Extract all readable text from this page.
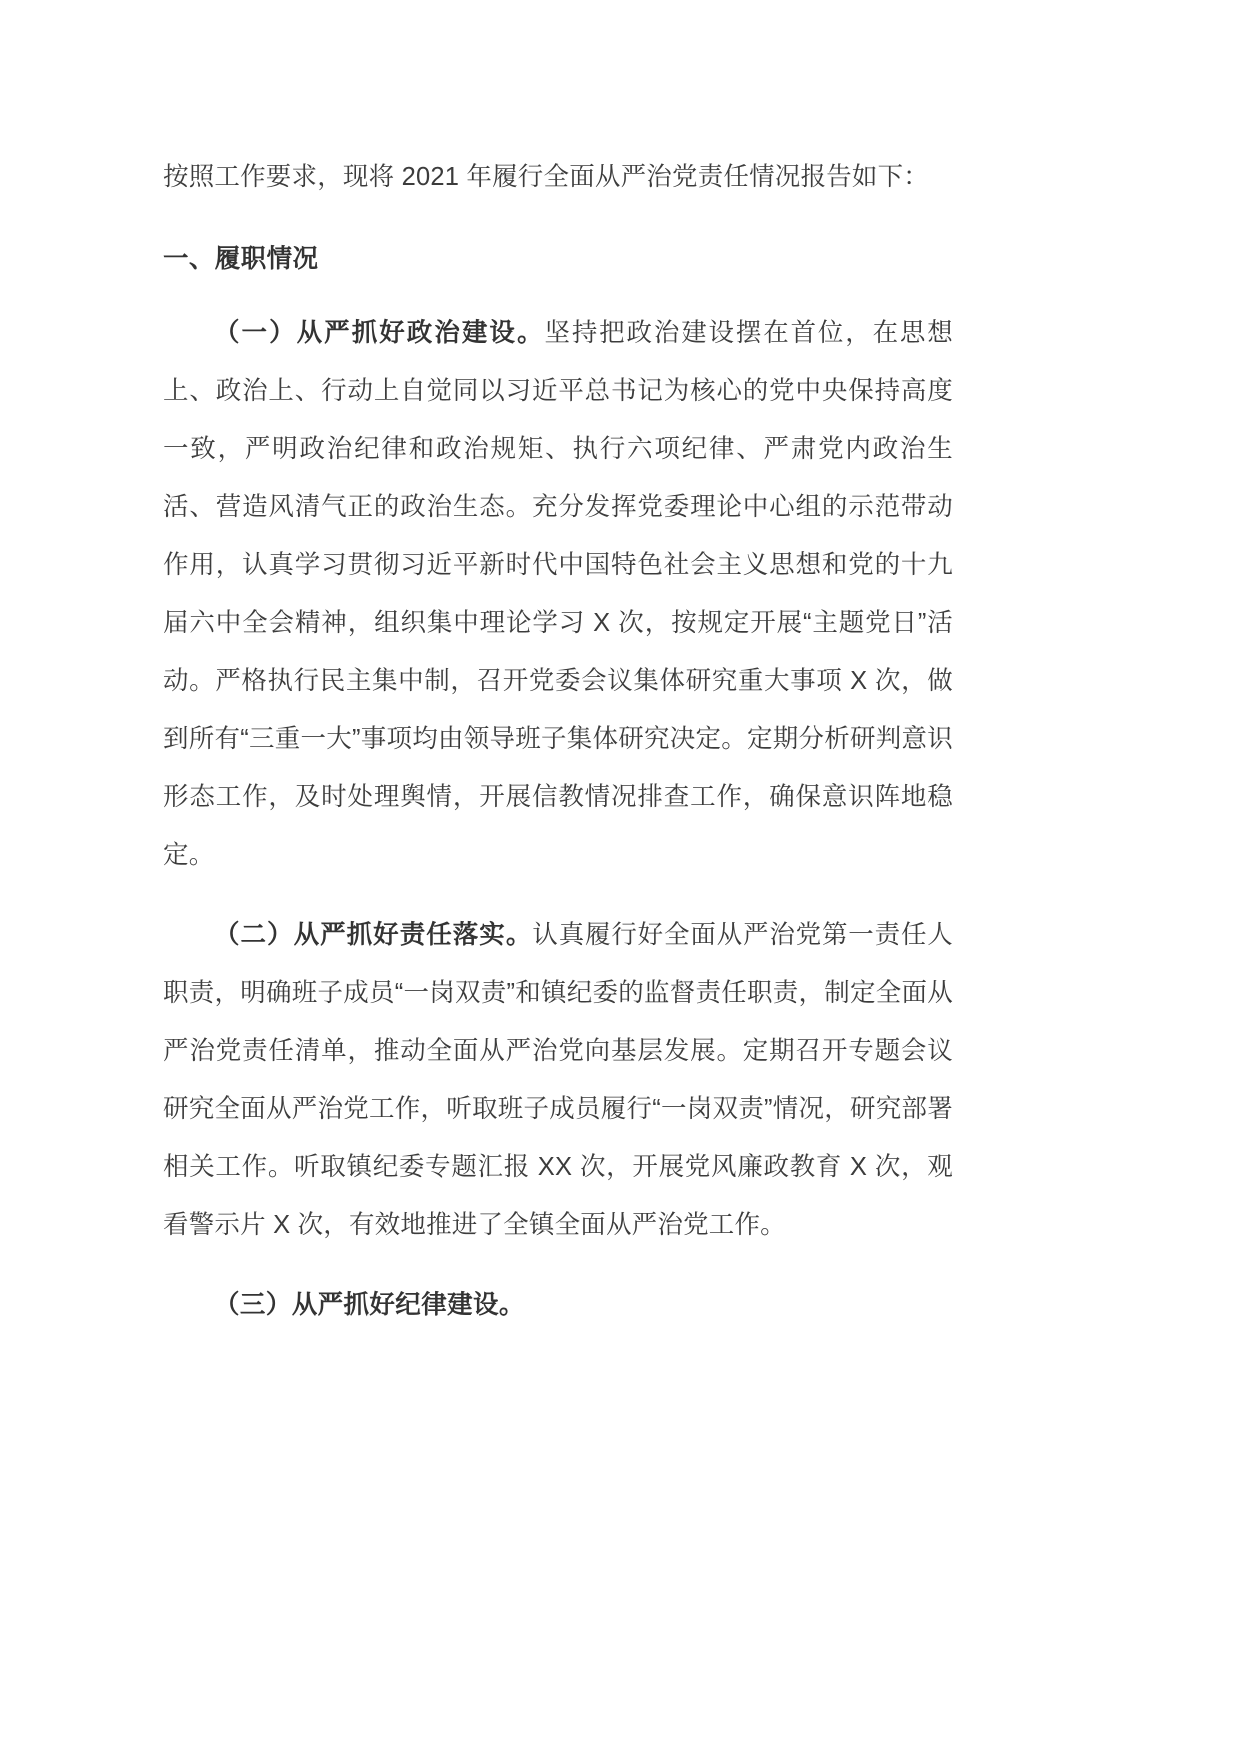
按照工作要求，现将 2021 年履行全面从严治党责任情况报告如下：

一、履职情况

（一）从严抓好政治建设。坚持把政治建设摆在首位，在思想上、政治上、行动上自觉同以习近平总书记为核心的党中央保持高度一致，严明政治纪律和政治规矩、执行六项纪律、严肃党内政治生活、营造风清气正的政治生态。充分发挥党委理论中心组的示范带动作用，认真学习贯彻习近平新时代中国特色社会主义思想和党的十九届六中全会精神，组织集中理论学习 X 次，按规定开展“主题党日”活动。严格执行民主集中制，召开党委会议集体研究重大事项 X 次，做到所有“三重一大”事项均由领导班子集体研究决定。定期分析研判意识形态工作，及时处理舆情，开展信教情况排查工作，确保意识阵地稳定。

（二）从严抓好责任落实。认真履行好全面从严治党第一责任人职责，明确班子成员“一岗双责”和镇纪委的监督责任职责，制定全面从严治党责任清单，推动全面从严治党向基层发展。定期召开专题会议研究全面从严治党工作，听取班子成员履行“一岗双责”情况，研究部署相关工作。听取镇纪委专题汇报 XX 次，开展党风廉政教育 X 次，观看警示片 X 次，有效地推进了全镇全面从严治党工作。

（三）从严抓好纪律建设。
